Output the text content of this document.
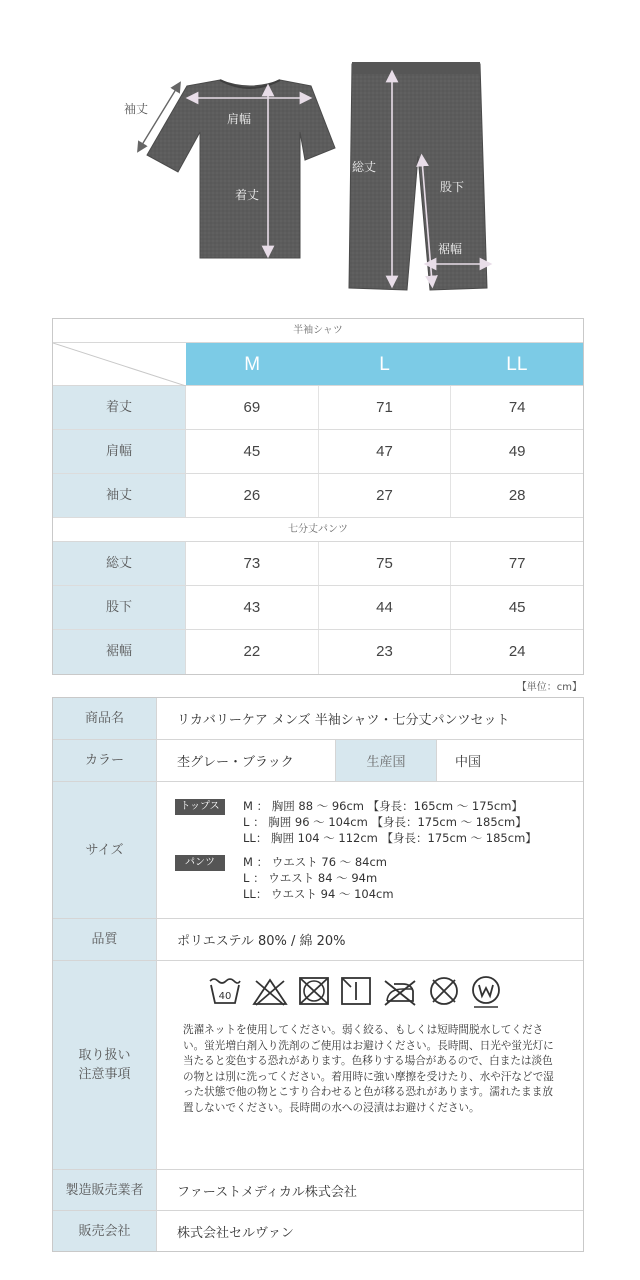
袖丈
肩幅
着丈
総丈
股下
裾幅
半袖シャツ
M	L	LL
着丈	69	71	74
肩幅	45	47	49
袖丈	26	27	28
七分丈パンツ
総丈	73	75	77
股下	43	44	45
裾幅	22	23	24
【単位：cm】
商品名	リカバリーケア メンズ 半袖シャツ・七分丈パンツセット
カラー	杢グレー・ブラック	生産国	中国
サイズ
トップス	M ： 胸囲 88 〜 96cm 【身長：165cm 〜 175cm】
L ： 胸囲 96 〜 104cm 【身長：175cm 〜 185cm】
LL： 胸囲 104 〜 112cm 【身長：175cm 〜 185cm】
パンツ	M ： ウエスト 76 〜 84cm
L ： ウエスト 84 〜 94m
LL： ウエスト 94 〜 104cm
品質	ポリエステル 80% / 綿 20%
取り扱い
注意事項
40
洗濯ネットを使用してください。弱く絞る、もしくは短時間脱水してください。蛍光増白剤入り洗剤のご使用はお避けください。長時間、日光や蛍光灯に当たると変色する恐れがあります。色移りする場合があるので、白または淡色の物とは別に洗ってください。着用時に強い摩擦を受けたり、水や汗などで湿った状態で他の物とこすり合わせると色が移る恐れがあります。濡れたまま放置しないでください。長時間の水への浸漬はお避けください。
製造販売業者	ファーストメディカル株式会社
販売会社	株式会社セルヴァン
